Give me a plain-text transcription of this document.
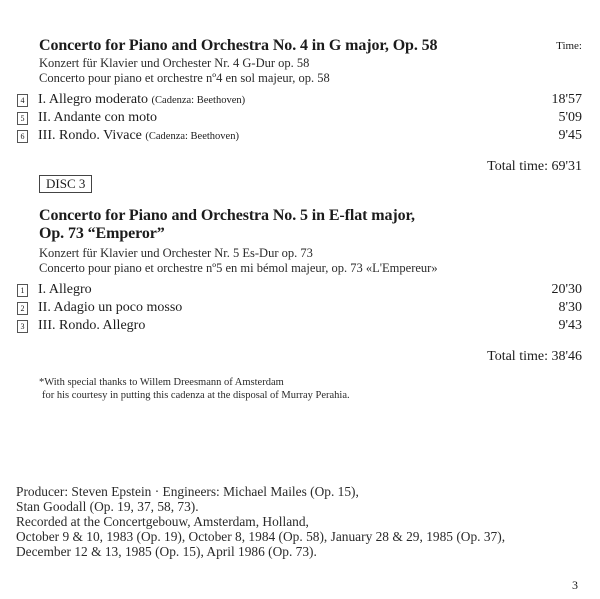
Concerto for Piano and Orchestra No. 4 in G major, Op. 58	Time:
Konzert für Klavier und Orchester Nr. 4 G-Dur op. 58
Concerto pour piano et orchestre nº4 en sol majeur, op. 58
4 I. Allegro moderato (Cadenza: Beethoven)	18'57
5 II. Andante con moto	5'09
6 III. Rondo. Vivace (Cadenza: Beethoven)	9'45
Total time: 69'31
DISC 3
Concerto for Piano and Orchestra No. 5 in E-flat major,
Op. 73 “Emperor”
Konzert für Klavier und Orchester Nr. 5 Es-Dur op. 73
Concerto pour piano et orchestre nº5 en mi bémol majeur, op. 73 «L'Empereur»
1 I. Allegro	20'30
2 II. Adagio un poco mosso	8'30
3 III. Rondo. Allegro	9'43
Total time: 38'46
*With special thanks to Willem Dreesmann of Amsterdam
for his courtesy in putting this cadenza at the disposal of Murray Perahia.
Producer: Steven Epstein · Engineers: Michael Mailes (Op. 15),
Stan Goodall (Op. 19, 37, 58, 73).
Recorded at the Concertgebouw, Amsterdam, Holland,
October 9 & 10, 1983 (Op. 19), October 8, 1984 (Op. 58), January 28 & 29, 1985 (Op. 37),
December 12 & 13, 1985 (Op. 15), April 1986 (Op. 73).
3
